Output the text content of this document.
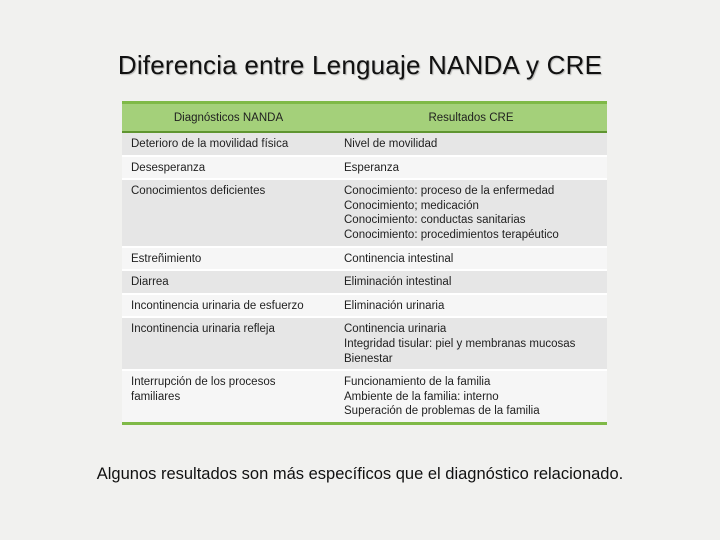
Diferencia entre Lenguaje NANDA y CRE
Diagnósticos NANDA	Resultados CRE

Deterioro de la movilidad física	Nivel de movilidad

Desesperanza	Esperanza

Conocimientos deficientes	Conocimiento: proceso de la enfermedad
Conocimiento; medicación
Conocimiento: conductas sanitarias
Conocimiento: procedimientos terapéutico

Estreñimiento	Continencia intestinal

Diarrea	Eliminación intestinal

Incontinencia urinaria de esfuerzo	Eliminación urinaria

Incontinencia urinaria refleja	Continencia urinaria
Integridad tisular: piel y membranas mucosas
Bienestar

Interrupción de los procesos
familiares	Funcionamiento de la familia
Ambiente de la familia: interno
Superación de problemas de la familia

Algunos resultados son más específicos que el diagnóstico relacionado.
